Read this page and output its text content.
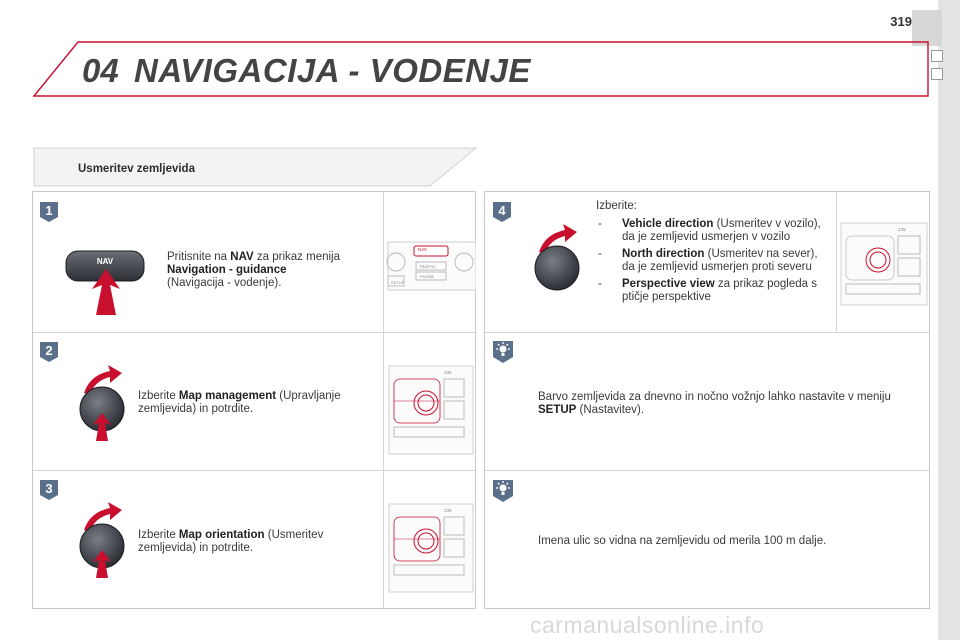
319
04 NAVIGACIJA - VODENJE
Usmeritev zemljevida
1
2
3
4
NAV	Pritisnite na NAV za prikaz menija Navigation - guidance
(Navigacija - vodenje).
NAV
TRAFFIC
PHONE
SETUP
Izberite Map management (Upravljanje zemljevida) in potrdite.
Izberite Map orientation (Usmeritev zemljevida) in potrdite.
235
235
235
Izberite:
- Vehicle direction (Usmeritev v vozilo), da je zemljevid usmerjen v vozilo
- North direction (Usmeritev na sever), da je zemljevid usmerjen proti severu
- Perspective view za prikaz pogleda s ptičje perspektive
Barvo zemljevida za dnevno in nočno vožnjo lahko nastavite v meniju SETUP (Nastavitev).
Imena ulic so vidna na zemljevidu od merila 100 m dalje.
carmanualsonline.info
